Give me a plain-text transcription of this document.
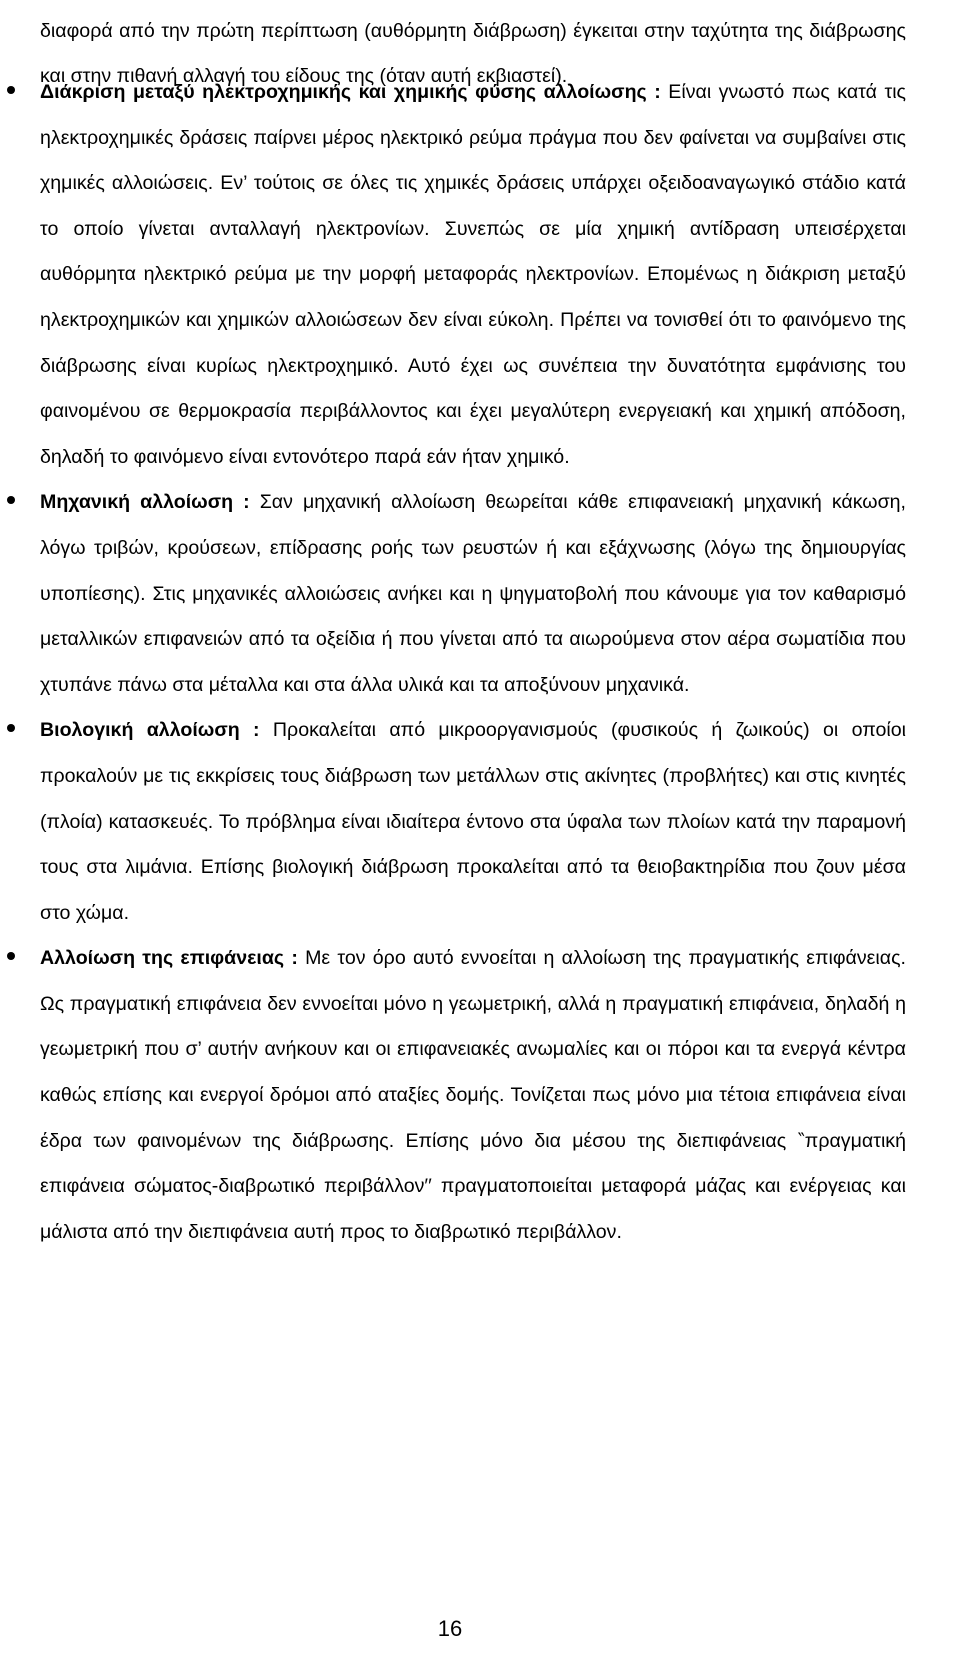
διαφορά από την πρώτη περίπτωση (αυθόρμητη διάβρωση) έγκειται στην ταχύτητα της διάβρωσης και στην πιθανή αλλαγή του είδους της (όταν αυτή εκβιαστεί).

Διάκριση μεταξύ ηλεκτροχημικής και χημικής φύσης αλλοίωσης : Είναι γνωστό πως κατά τις ηλεκτροχημικές δράσεις παίρνει μέρος ηλεκτρικό ρεύμα πράγμα που δεν φαίνεται να συμβαίνει στις χημικές αλλοιώσεις. Εν’ τούτοις σε όλες τις χημικές δράσεις υπάρχει οξειδοαναγωγικό στάδιο κατά το οποίο γίνεται ανταλλαγή ηλεκτρονίων. Συνεπώς σε μία χημική αντίδραση υπεισέρχεται αυθόρμητα ηλεκτρικό ρεύμα με την μορφή μεταφοράς ηλεκτρονίων. Επομένως η διάκριση μεταξύ ηλεκτροχημικών και χημικών αλλοιώσεων δεν είναι εύκολη. Πρέπει να τονισθεί ότι το φαινόμενο της διάβρωσης είναι κυρίως ηλεκτροχημικό. Αυτό έχει ως συνέπεια την δυνατότητα εμφάνισης του φαινομένου σε θερμοκρασία περιβάλλοντος και έχει μεγαλύτερη ενεργειακή και χημική απόδοση, δηλαδή το φαινόμενο είναι εντονότερο παρά εάν ήταν χημικό.
Μηχανική αλλοίωση : Σαν μηχανική αλλοίωση θεωρείται κάθε επιφανειακή μηχανική κάκωση, λόγω τριβών, κρούσεων, επίδρασης ροής των ρευστών ή και εξάχνωσης (λόγω της δημιουργίας υποπίεσης). Στις μηχανικές αλλοιώσεις ανήκει και η ψηγματοβολή που κάνουμε για τον καθαρισμό μεταλλικών επιφανειών από τα οξείδια ή που γίνεται από τα αιωρούμενα στον αέρα σωματίδια που χτυπάνε πάνω στα μέταλλα και στα άλλα υλικά και τα αποξύνουν μηχανικά.
Βιολογική αλλοίωση : Προκαλείται από μικροοργανισμούς (φυσικούς ή ζωικούς) οι οποίοι προκαλούν με τις εκκρίσεις τους διάβρωση των μετάλλων στις ακίνητες (προβλήτες) και στις κινητές (πλοία) κατασκευές. Το πρόβλημα είναι ιδιαίτερα έντονο στα ύφαλα των πλοίων κατά την παραμονή τους στα λιμάνια. Επίσης βιολογική διάβρωση προκαλείται από τα θειοβακτηρίδια που ζουν μέσα στο χώμα.
Αλλοίωση της επιφάνειας : Με τον όρο αυτό εννοείται η αλλοίωση της πραγματικής επιφάνειας. Ως πραγματική επιφάνεια δεν εννοείται μόνο η γεωμετρική, αλλά η πραγματική επιφάνεια, δηλαδή η γεωμετρική που σ’ αυτήν ανήκουν και οι επιφανειακές ανωμαλίες και οι πόροι και τα ενεργά κέντρα καθώς επίσης και ενεργοί δρόμοι από αταξίες δομής. Τονίζεται πως μόνο μια τέτοια επιφάνεια είναι έδρα των φαινομένων της διάβρωσης. Επίσης μόνο δια μέσου της διεπιφάνειας ‶πραγματική επιφάνεια σώματος-διαβρωτικό περιβάλλον′′ πραγματοποιείται μεταφορά μάζας και ενέργειας και μάλιστα από την διεπιφάνεια αυτή προς το διαβρωτικό περιβάλλον.
16
